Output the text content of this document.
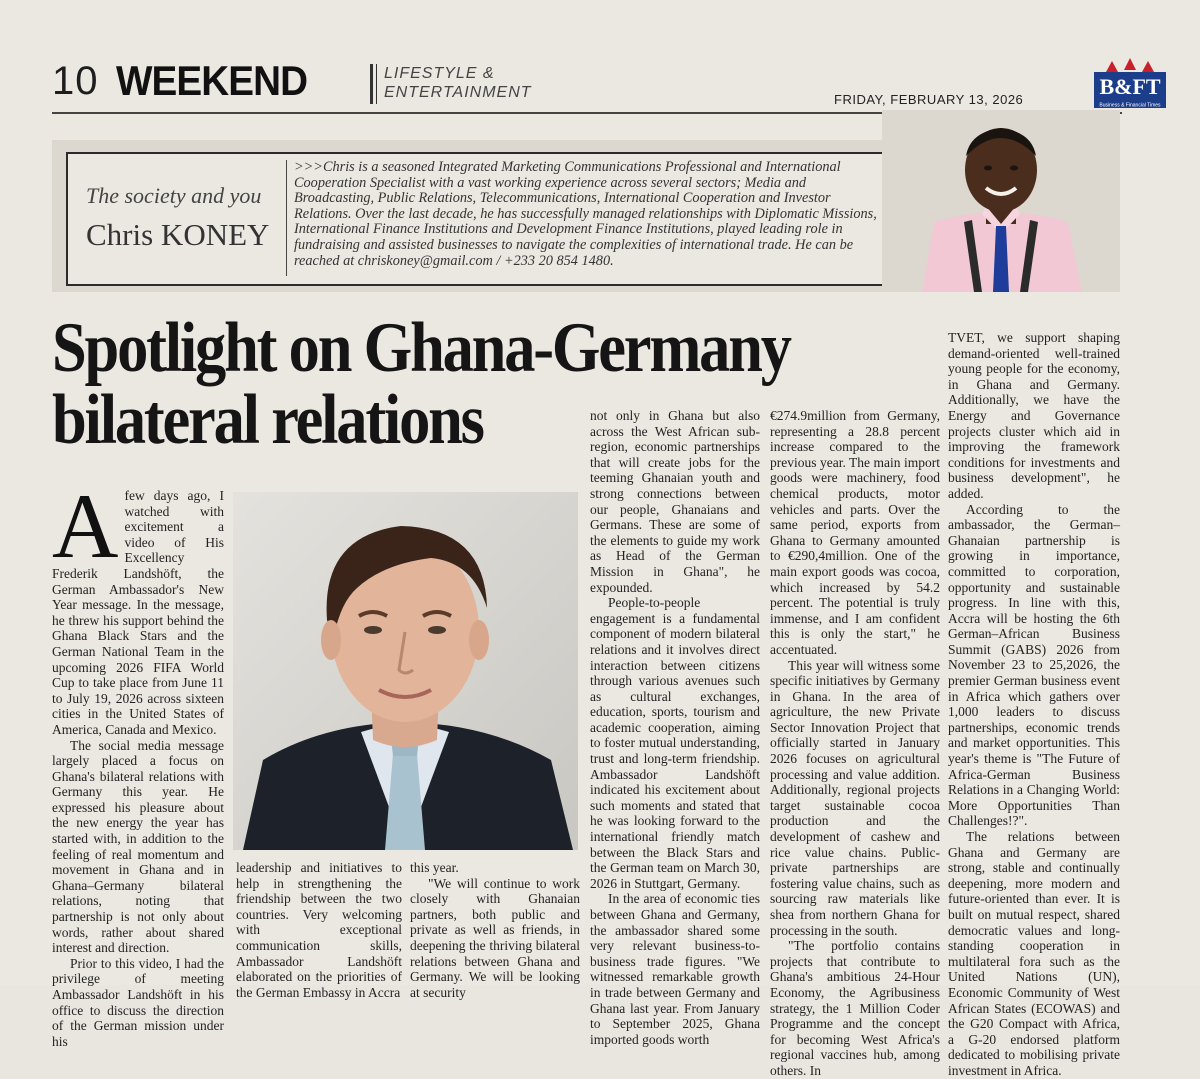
10 WEEKEND	LIFESTYLE &
ENTERTAINMENT	FRIDAY, FEBRUARY 13, 2026
B&FT
Business & Financial Times
The society and you
Chris KONEY
>>>Chris is a seasoned Integrated Marketing Communications Professional and International Cooperation Specialist with a vast working experience across several sectors; Media and Broadcasting, Public Relations, Telecommunications, International Cooperation and Investor Relations. Over the last decade, he has successfully managed relationships with Diplomatic Missions, International Finance Institutions and Development Finance Institutions, played leading role in fundraising and assisted businesses to navigate the complexities of international trade. He can be reached at chriskoney@gmail.com / +233 20 854 1480.
Spotlight on Ghana-Germany
bilateral relations

Afew days ago, I watched with excitement a video of His Excellency Frederik Landshöft, the German Ambassador's New Year message. In the message, he threw his support behind the Ghana Black Stars and the German National Team in the upcoming 2026 FIFA World Cup to take place from June 11 to July 19, 2026 across sixteen cities in the United States of America, Canada and Mexico.

The social media message largely placed a focus on Ghana's bilateral relations with Germany this year. He expressed his pleasure about the new energy the year has started with, in addition to the feeling of real momentum and movement in Ghana and in Ghana–Germany bilateral relations, noting that partnership is not only about words, rather about shared interest and direction.

Prior to this video, I had the privilege of meeting Ambassador Landshöft in his office to discuss the direction of the German mission under his

leadership and initiatives to help in strengthening the friendship between the two countries. Very welcoming with exceptional communication skills, Ambassador Landshöft elaborated on the priorities of the German Embassy in Accra

this year.

"We will continue to work closely with Ghanaian partners, both public and private as well as friends, in deepening the thriving bilateral relations between Ghana and Germany. We will be looking at security

not only in Ghana but also across the West African sub-region, economic partnerships that will create jobs for the teeming Ghanaian youth and strong connections between our people, Ghanaians and Germans. These are some of the elements to guide my work as Head of the German Mission in Ghana", he expounded.

People-to-people engagement is a fundamental component of modern bilateral relations and it involves direct interaction between citizens through various avenues such as cultural exchanges, education, sports, tourism and academic cooperation, aiming to foster mutual understanding, trust and long-term friendship. Ambassador Landshöft indicated his excitement about such moments and stated that he was looking forward to the international friendly match between the Black Stars and the German team on March 30, 2026 in Stuttgart, Germany.

In the area of economic ties between Ghana and Germany, the ambassador shared some very relevant business-to-business trade figures. "We witnessed remarkable growth in trade between Germany and Ghana last year. From January to September 2025, Ghana imported goods worth

€274.9million from Germany, representing a 28.8 percent increase compared to the previous year. The main import goods were machinery, food chemical products, motor vehicles and parts. Over the same period, exports from Ghana to Germany amounted to €290,4million. One of the main export goods was cocoa, which increased by 54.2 percent. The potential is truly immense, and I am confident this is only the start," he accentuated.

This year will witness some specific initiatives by Germany in Ghana. In the area of agriculture, the new Private Sector Innovation Project that officially started in January 2026 focuses on agricultural processing and value addition. Additionally, regional projects target sustainable cocoa production and the development of cashew and rice value chains. Public-private partnerships are fostering value chains, such as sourcing raw materials like shea from northern Ghana for processing in the south.

"The portfolio contains projects that contribute to Ghana's ambitious 24-Hour Economy, the Agribusiness strategy, the 1 Million Coder Programme and the concept for becoming West Africa's regional vaccines hub, among others. In

TVET, we support shaping demand-oriented well-trained young people for the economy, in Ghana and Germany. Additionally, we have the Energy and Governance projects cluster which aid in improving the framework conditions for investments and business development", he added.

According to the ambassador, the German–Ghanaian partnership is growing in importance, committed to corporation, opportunity and sustainable progress. In line with this, Accra will be hosting the 6th German–African Business Summit (GABS) 2026 from November 23 to 25,2026, the premier German business event in Africa which gathers over 1,000 leaders to discuss partnerships, economic trends and market opportunities. This year's theme is "The Future of Africa-German Business Relations in a Changing World: More Opportunities Than Challenges!?".

The relations between Ghana and Germany are strong, stable and continually deepening, more modern and future-oriented than ever. It is built on mutual respect, shared democratic values and long-standing cooperation in multilateral fora such as the United Nations (UN), Economic Community of West African States (ECOWAS) and the G20 Compact with Africa, a G-20 endorsed platform dedicated to mobilising private investment in Africa.
